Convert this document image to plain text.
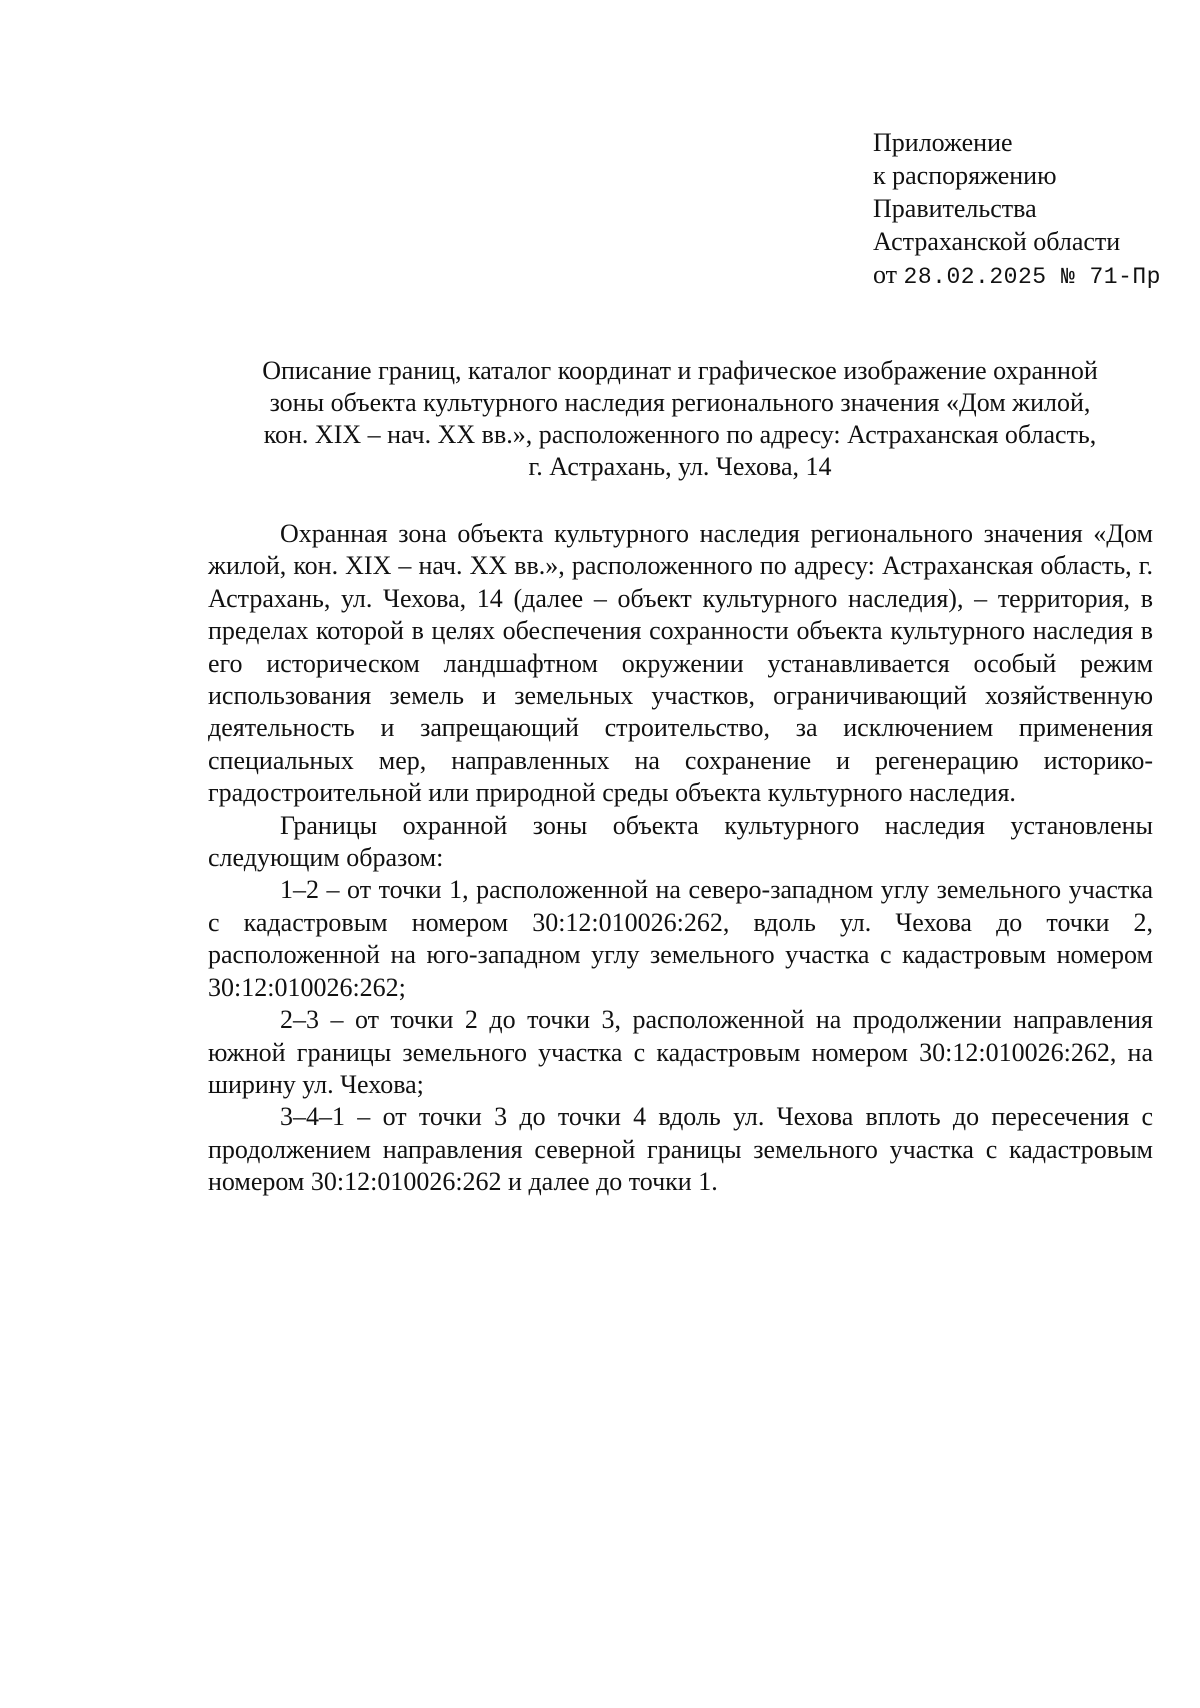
Приложение
к распоряжению
Правительства
Астраханской области
от 28.02.2025 № 71-Пр
Описание границ, каталог координат и графическое изображение охранной
зоны объекта культурного наследия регионального значения «Дом жилой,
кон. XIX – нач. XX вв.», расположенного по адресу: Астраханская область,
г. Астрахань, ул. Чехова, 14

Охранная зона объекта культурного наследия регионального значения «Дом жилой, кон. XIX – нач. XX вв.», расположенного по адресу: Астраханская область, г. Астрахань, ул. Чехова, 14 (далее – объект культурного наследия), – территория, в пределах которой в целях обеспечения сохранности объекта культурного наследия в его историческом ландшафтном окружении устанавливается особый режим использования земель и земельных участков, ограничивающий хозяйственную деятельность и запрещающий строительство, за исключением применения специальных мер, направленных на сохранение и регенерацию историко-градостроительной или природной среды объекта культурного наследия.

Границы охранной зоны объекта культурного наследия установлены следующим образом:

1–2 – от точки 1, расположенной на северо-западном углу земельного участка с кадастровым номером 30:12:010026:262, вдоль ул. Чехова до точки 2, расположенной на юго-западном углу земельного участка с кадастровым номером 30:12:010026:262;

2–3 – от точки 2 до точки 3, расположенной на продолжении направления южной границы земельного участка с кадастровым номером 30:12:010026:262, на ширину ул. Чехова;

3–4–1 – от точки 3 до точки 4 вдоль ул. Чехова вплоть до пересечения с продолжением направления северной границы земельного участка с кадастровым номером 30:12:010026:262 и далее до точки 1.
